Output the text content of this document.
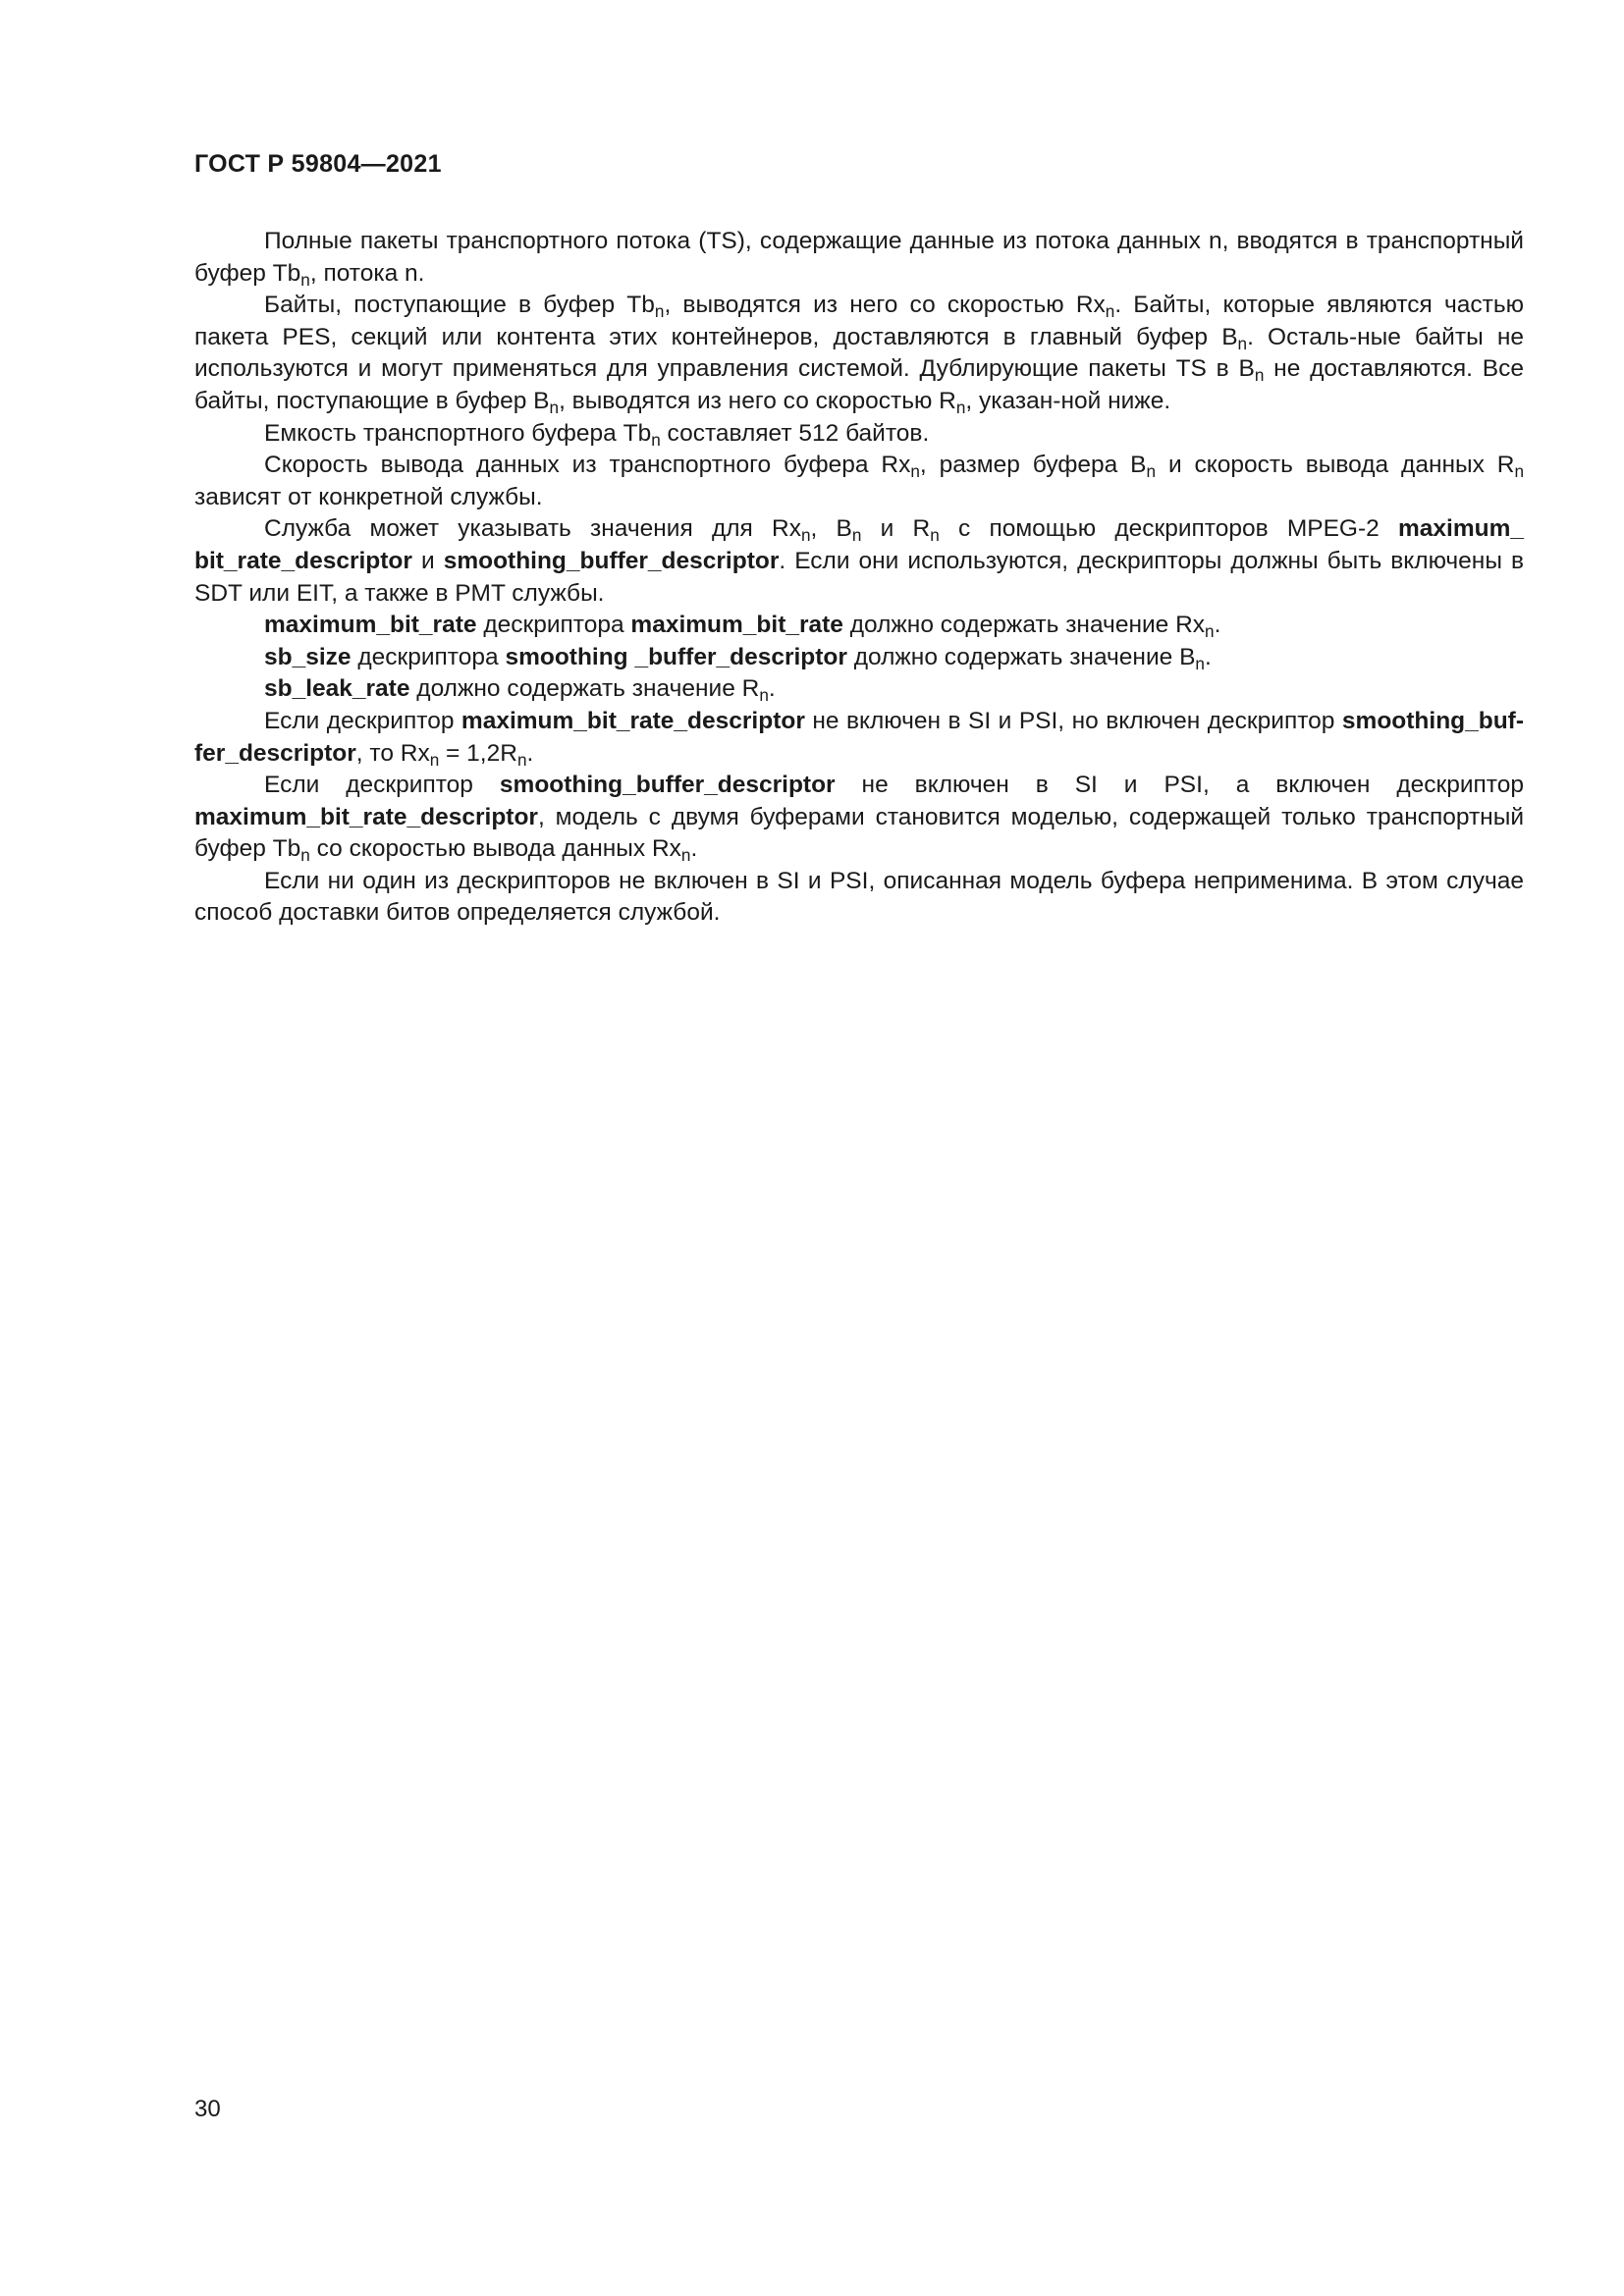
ГОСТ Р 59804—2021

Полные пакеты транспортного потока (TS), содержащие данные из потока данных n, вводятся в транспортный буфер $Tb_n$, потока n.

Байты, поступающие в буфер $Tb_n$, выводятся из него со скоростью $Rx_n$. Байты, которые являются частью пакета PES, секций или контента этих контейнеров, доставляются в главный буфер $B_n$. Осталь-ные байты не используются и могут применяться для управления системой. Дублирующие пакеты TS в $B_n$ не доставляются. Все байты, поступающие в буфер $B_n$, выводятся из него со скоростью $R_n$, указан-ной ниже.

Емкость транспортного буфера $Tb_n$ составляет 512 байтов.

Скорость вывода данных из транспортного буфера $Rx_n$, размер буфера $B_n$ и скорость вывода данных $R_n$ зависят от конкретной службы.

Служба может указывать значения для $Rx_n$, $B_n$ и $R_n$ с помощью дескрипторов MPEG-2 maximum_ bit_rate_descriptor и smoothing_buffer_descriptor. Если они используются, дескрипторы должны быть включены в SDT или EIT, а также в PMT службы.

maximum_bit_rate дескриптора maximum_bit_rate должно содержать значение $Rx_n$.

sb_size дескриптора smoothing _buffer_descriptor должно содержать значение $B_n$.

sb_leak_rate должно содержать значение $R_n$.

Если дескриптор maximum_bit_rate_descriptor не включен в SI и PSI, но включен дескриптор smoothing_buf-fer_descriptor, то $Rx_n = 1,2R_n$.

Если дескриптор smoothing_buffer_descriptor не включен в SI и PSI, а включен дескриптор maximum_bit_rate_descriptor, модель с двумя буферами становится моделью, содержащей только транспортный буфер $Tb_n$ со скоростью вывода данных $Rx_n$.

Если ни один из дескрипторов не включен в SI и PSI, описанная модель буфера неприменима. В этом случае способ доставки битов определяется службой.

30
